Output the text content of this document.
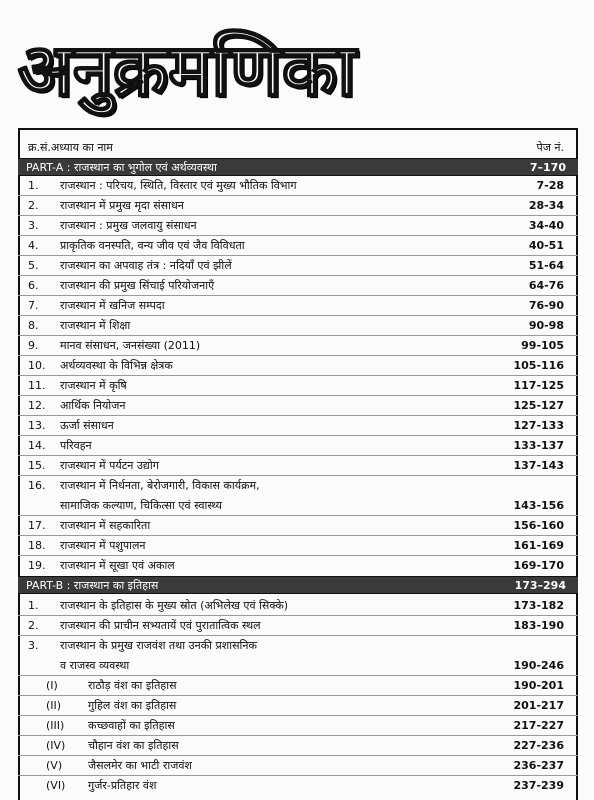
अनुक्रमणिका
क्र.सं.अध्याय का नाम	पेज नं.
PART-A : राजस्थान का भुगोल एवं अर्थव्यवस्था	7–170
1. राजस्थान : परिचय, स्थिति, विस्तार एवं मुख्य भौतिक विभाग	7-28
2. राजस्थान में प्रमुख मृदा संसाधन	28-34
3. राजस्थान : प्रमुख जलवायु संसाधन	34-40
4. प्राकृतिक वनस्पति, वन्य जीव एवं जैव विविधता	40-51
5. राजस्थान का अपवाह तंत्र : नदियाँ एवं झीलें	51-64
6. राजस्थान की प्रमुख सिंचाई परियोजनाएँ	64-76
7. राजस्थान में खनिज सम्पदा	76-90
8. राजस्थान में शिक्षा	90-98
9. मानव संसाधन, जनसंख्या (2011)	99-105
10. अर्थव्यवस्था के विभिन्न क्षेत्रक	105-116
11. राजस्थान में कृषि	117-125
12. आर्थिक नियोजन	125-127
13. ऊर्जा संसाधन	127-133
14. परिवहन	133-137
15. राजस्थान में पर्यटन उद्योग	137-143
16. राजस्थान में निर्धनता, बेरोजगारी, विकास कार्यक्रम,
सामाजिक कल्याण, चिकित्सा एवं स्वास्थ्य	143-156
17. राजस्थान में सहकारिता	156-160
18. राजस्थान में पशुपालन	161-169
19. राजस्थान में सूखा एवं अकाल	169-170
PART-B : राजस्थान का इतिहास	173–294
1. राजस्थान के इतिहास के मुख्य स्रोत (अभिलेख एवं सिक्के)	173-182
2. राजस्थान की प्राचीन सभ्यतायें एवं पुरातात्विक स्थल	183-190
3. राजस्थान के प्रमुख राजवंश तथा उनकी प्रशासनिक
व राजस्व व्यवस्था	190-246
(I)	राठौड़ वंश का इतिहास	190-201
(II) गुहिल वंश का इतिहास	201-217
(III) कच्छवाहों का इतिहास	217-227
(IV) चौहान वंश का इतिहास	227-236
(V) जैसलमेर का भाटी राजवंश	236-237
(VI) गुर्जर-प्रतिहार वंश	237-239
